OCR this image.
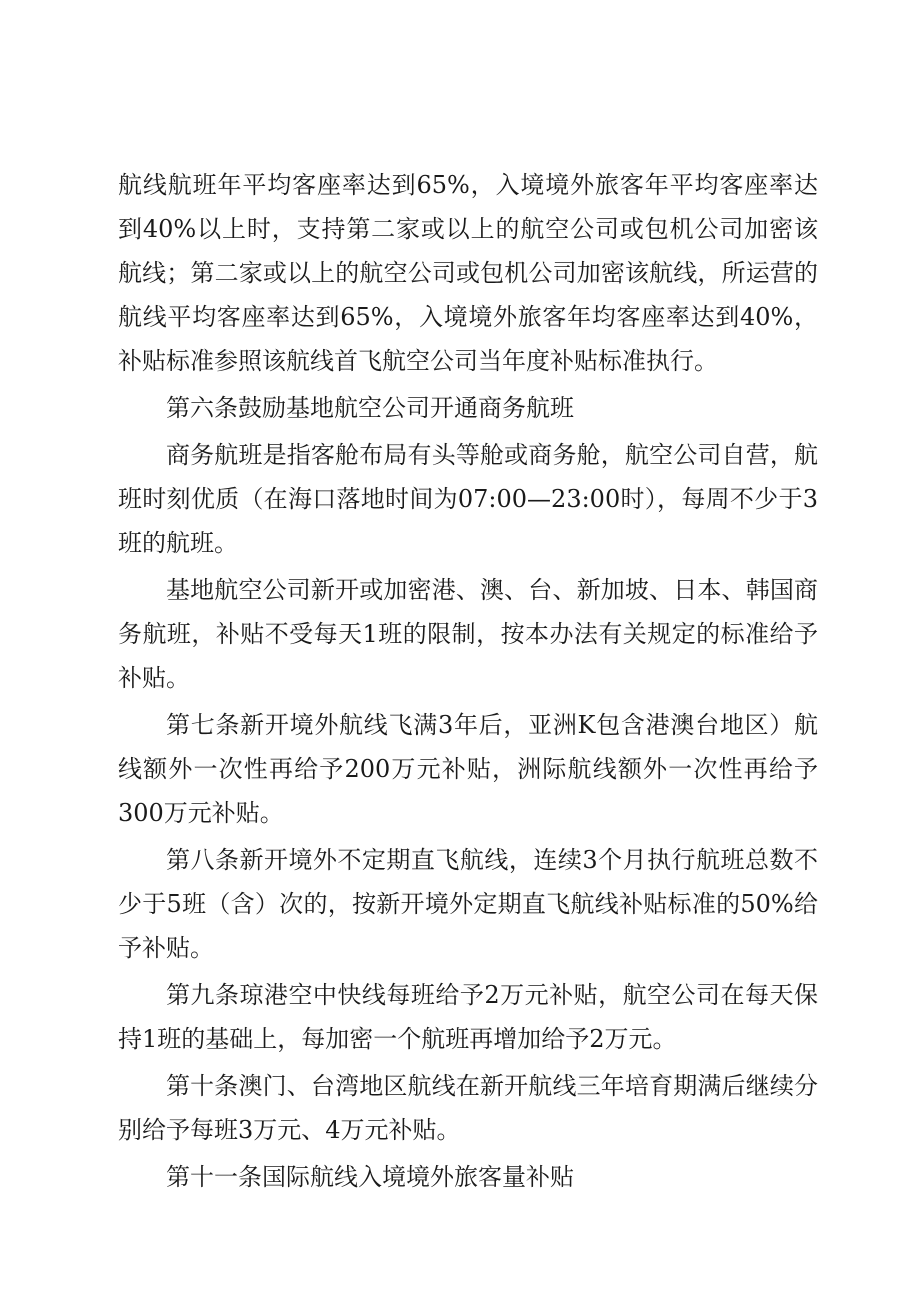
航线航班年平均客座率达到65%，入境境外旅客年平均客座率达到40%以上时，支持第二家或以上的航空公司或包机公司加密该航线；第二家或以上的航空公司或包机公司加密该航线，所运营的航线平均客座率达到65%，入境境外旅客年均客座率达到40%，补贴标准参照该航线首飞航空公司当年度补贴标准执行。

第六条鼓励基地航空公司开通商务航班

商务航班是指客舱布局有头等舱或商务舱，航空公司自营，航班时刻优质（在海口落地时间为07:00—23:00时），每周不少于3班的航班。

基地航空公司新开或加密港、澳、台、新加坡、日本、韩国商务航班，补贴不受每天1班的限制，按本办法有关规定的标准给予补贴。

第七条新开境外航线飞满3年后，亚洲K包含港澳台地区）航线额外一次性再给予200万元补贴，洲际航线额外一次性再给予300万元补贴。

第八条新开境外不定期直飞航线，连续3个月执行航班总数不少于5班（含）次的，按新开境外定期直飞航线补贴标准的50%给予补贴。

第九条琼港空中快线每班给予2万元补贴，航空公司在每天保持1班的基础上，每加密一个航班再增加给予2万元。

第十条澳门、台湾地区航线在新开航线三年培育期满后继续分别给予每班3万元、4万元补贴。

第十一条国际航线入境境外旅客量补贴
